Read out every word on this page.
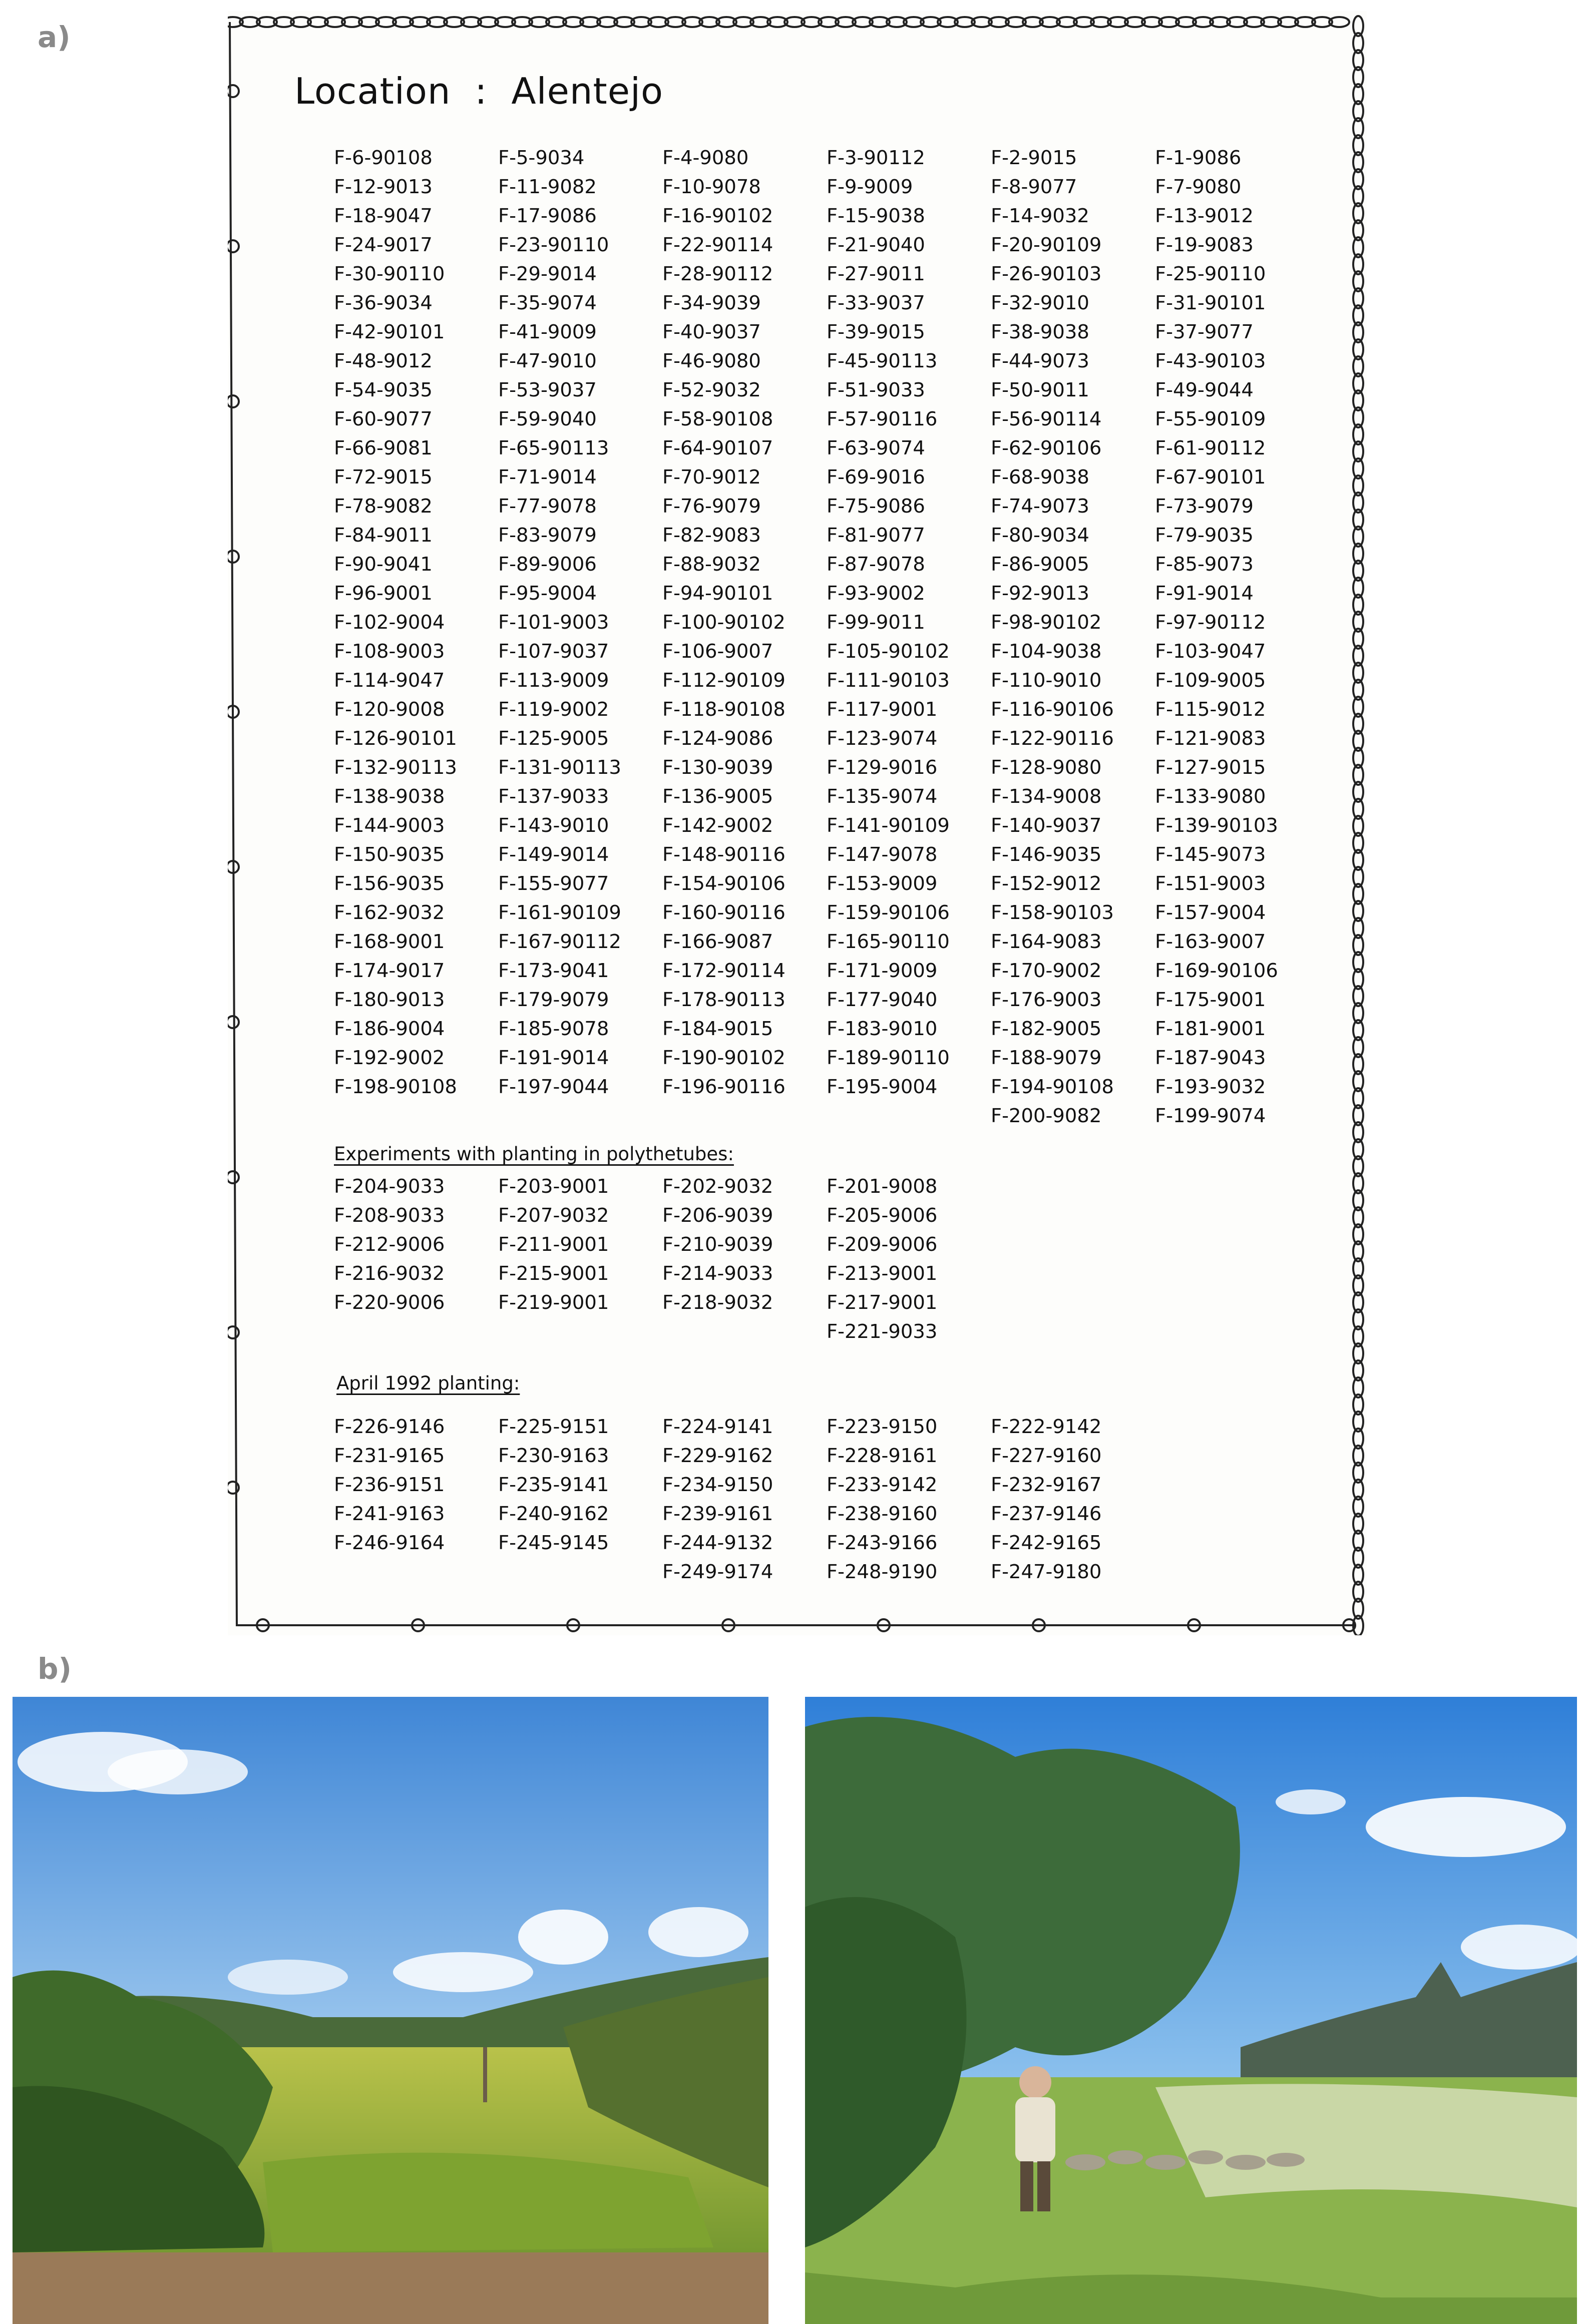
a)
b)
Location  :  Alentejo
F-6-90108
F-12-9013
F-18-9047
F-24-9017
F-30-90110
F-36-9034
F-42-90101
F-48-9012
F-54-9035
F-60-9077
F-66-9081
F-72-9015
F-78-9082
F-84-9011
F-90-9041
F-96-9001
F-102-9004
F-108-9003
F-114-9047
F-120-9008
F-126-90101
F-132-90113
F-138-9038
F-144-9003
F-150-9035
F-156-9035
F-162-9032
F-168-9001
F-174-9017
F-180-9013
F-186-9004
F-192-9002
F-198-90108
F-5-9034
F-11-9082
F-17-9086
F-23-90110
F-29-9014
F-35-9074
F-41-9009
F-47-9010
F-53-9037
F-59-9040
F-65-90113
F-71-9014
F-77-9078
F-83-9079
F-89-9006
F-95-9004
F-101-9003
F-107-9037
F-113-9009
F-119-9002
F-125-9005
F-131-90113
F-137-9033
F-143-9010
F-149-9014
F-155-9077
F-161-90109
F-167-90112
F-173-9041
F-179-9079
F-185-9078
F-191-9014
F-197-9044
F-4-9080
F-10-9078
F-16-90102
F-22-90114
F-28-90112
F-34-9039
F-40-9037
F-46-9080
F-52-9032
F-58-90108
F-64-90107
F-70-9012
F-76-9079
F-82-9083
F-88-9032
F-94-90101
F-100-90102
F-106-9007
F-112-90109
F-118-90108
F-124-9086
F-130-9039
F-136-9005
F-142-9002
F-148-90116
F-154-90106
F-160-90116
F-166-9087
F-172-90114
F-178-90113
F-184-9015
F-190-90102
F-196-90116
F-3-90112
F-9-9009
F-15-9038
F-21-9040
F-27-9011
F-33-9037
F-39-9015
F-45-90113
F-51-9033
F-57-90116
F-63-9074
F-69-9016
F-75-9086
F-81-9077
F-87-9078
F-93-9002
F-99-9011
F-105-90102
F-111-90103
F-117-9001
F-123-9074
F-129-9016
F-135-9074
F-141-90109
F-147-9078
F-153-9009
F-159-90106
F-165-90110
F-171-9009
F-177-9040
F-183-9010
F-189-90110
F-195-9004
F-2-9015
F-8-9077
F-14-9032
F-20-90109
F-26-90103
F-32-9010
F-38-9038
F-44-9073
F-50-9011
F-56-90114
F-62-90106
F-68-9038
F-74-9073
F-80-9034
F-86-9005
F-92-9013
F-98-90102
F-104-9038
F-110-9010
F-116-90106
F-122-90116
F-128-9080
F-134-9008
F-140-9037
F-146-9035
F-152-9012
F-158-90103
F-164-9083
F-170-9002
F-176-9003
F-182-9005
F-188-9079
F-194-90108
F-200-9082
F-1-9086
F-7-9080
F-13-9012
F-19-9083
F-25-90110
F-31-90101
F-37-9077
F-43-90103
F-49-9044
F-55-90109
F-61-90112
F-67-90101
F-73-9079
F-79-9035
F-85-9073
F-91-9014
F-97-90112
F-103-9047
F-109-9005
F-115-9012
F-121-9083
F-127-9015
F-133-9080
F-139-90103
F-145-9073
F-151-9003
F-157-9004
F-163-9007
F-169-90106
F-175-9001
F-181-9001
F-187-9043
F-193-9032
F-199-9074
Experiments with planting in polythetubes:
F-204-9033
F-208-9033
F-212-9006
F-216-9032
F-220-9006
F-203-9001
F-207-9032
F-211-9001
F-215-9001
F-219-9001
F-202-9032
F-206-9039
F-210-9039
F-214-9033
F-218-9032
F-201-9008
F-205-9006
F-209-9006
F-213-9001
F-217-9001
F-221-9033
April 1992 planting:
F-226-9146
F-231-9165
F-236-9151
F-241-9163
F-246-9164
F-225-9151
F-230-9163
F-235-9141
F-240-9162
F-245-9145
F-224-9141
F-229-9162
F-234-9150
F-239-9161
F-244-9132
F-249-9174
F-223-9150
F-228-9161
F-233-9142
F-238-9160
F-243-9166
F-248-9190
F-222-9142
F-227-9160
F-232-9167
F-237-9146
F-242-9165
F-247-9180
